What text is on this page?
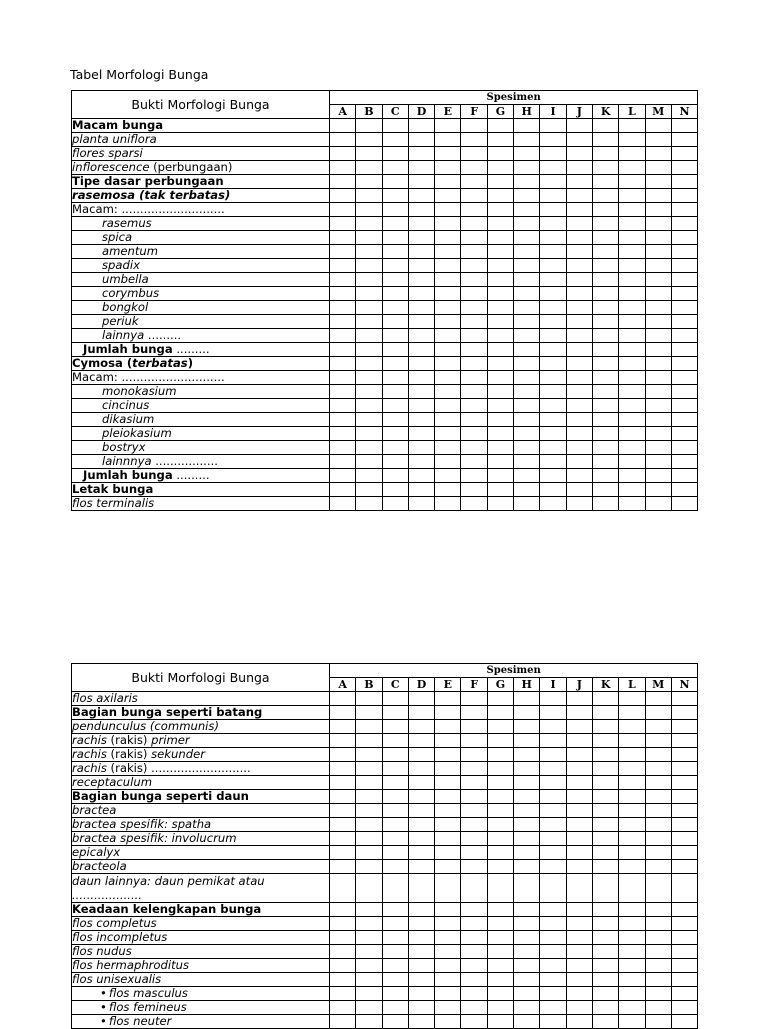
Tabel Morfologi Bunga
Bukti Morfologi Bunga	Spesimen													
	A	B	C	D	E	F	G	H	I	J	K	L	M	N
Macam bunga														
planta uniflora														
flores sparsi														
inflorescence (perbungaan)														
Tipe dasar perbungaan														
rasemosa (tak terbatas)														
Macam: ............................														
rasemus														
spica														
amentum														
spadix														
umbella														
corymbus														
bongkol														
periuk														
lainnya .........														
Jumlah bunga .........														
Cymosa (terbatas)														
Macam: ............................														
monokasium														
cincinus														
dikasium														
pleiokasium														
bostryx														
lainnnya .................														
Jumlah bunga .........														
Letak bunga														
flos terminalis														
Bukti Morfologi Bunga	Spesimen													
	A	B	C	D	E	F	G	H	I	J	K	L	M	N
flos axilaris														
Bagian bunga seperti batang														
pendunculus (communis)														
rachis (rakis) primer														
rachis (rakis) sekunder														
rachis (rakis) ...........................														
receptaculum														
Bagian bunga seperti daun														
bractea														
bractea spesifik: spatha														
bractea spesifik: involucrum														
epicalyx														
bracteola														
daun lainnya: daun pemikat atau ...................														
Keadaan kelengkapan bunga														
flos completus														
flos incompletus														
flos nudus														
flos hermaphroditus														
flos unisexualis														
• flos masculus														
• flos femineus														
• flos neuter														
